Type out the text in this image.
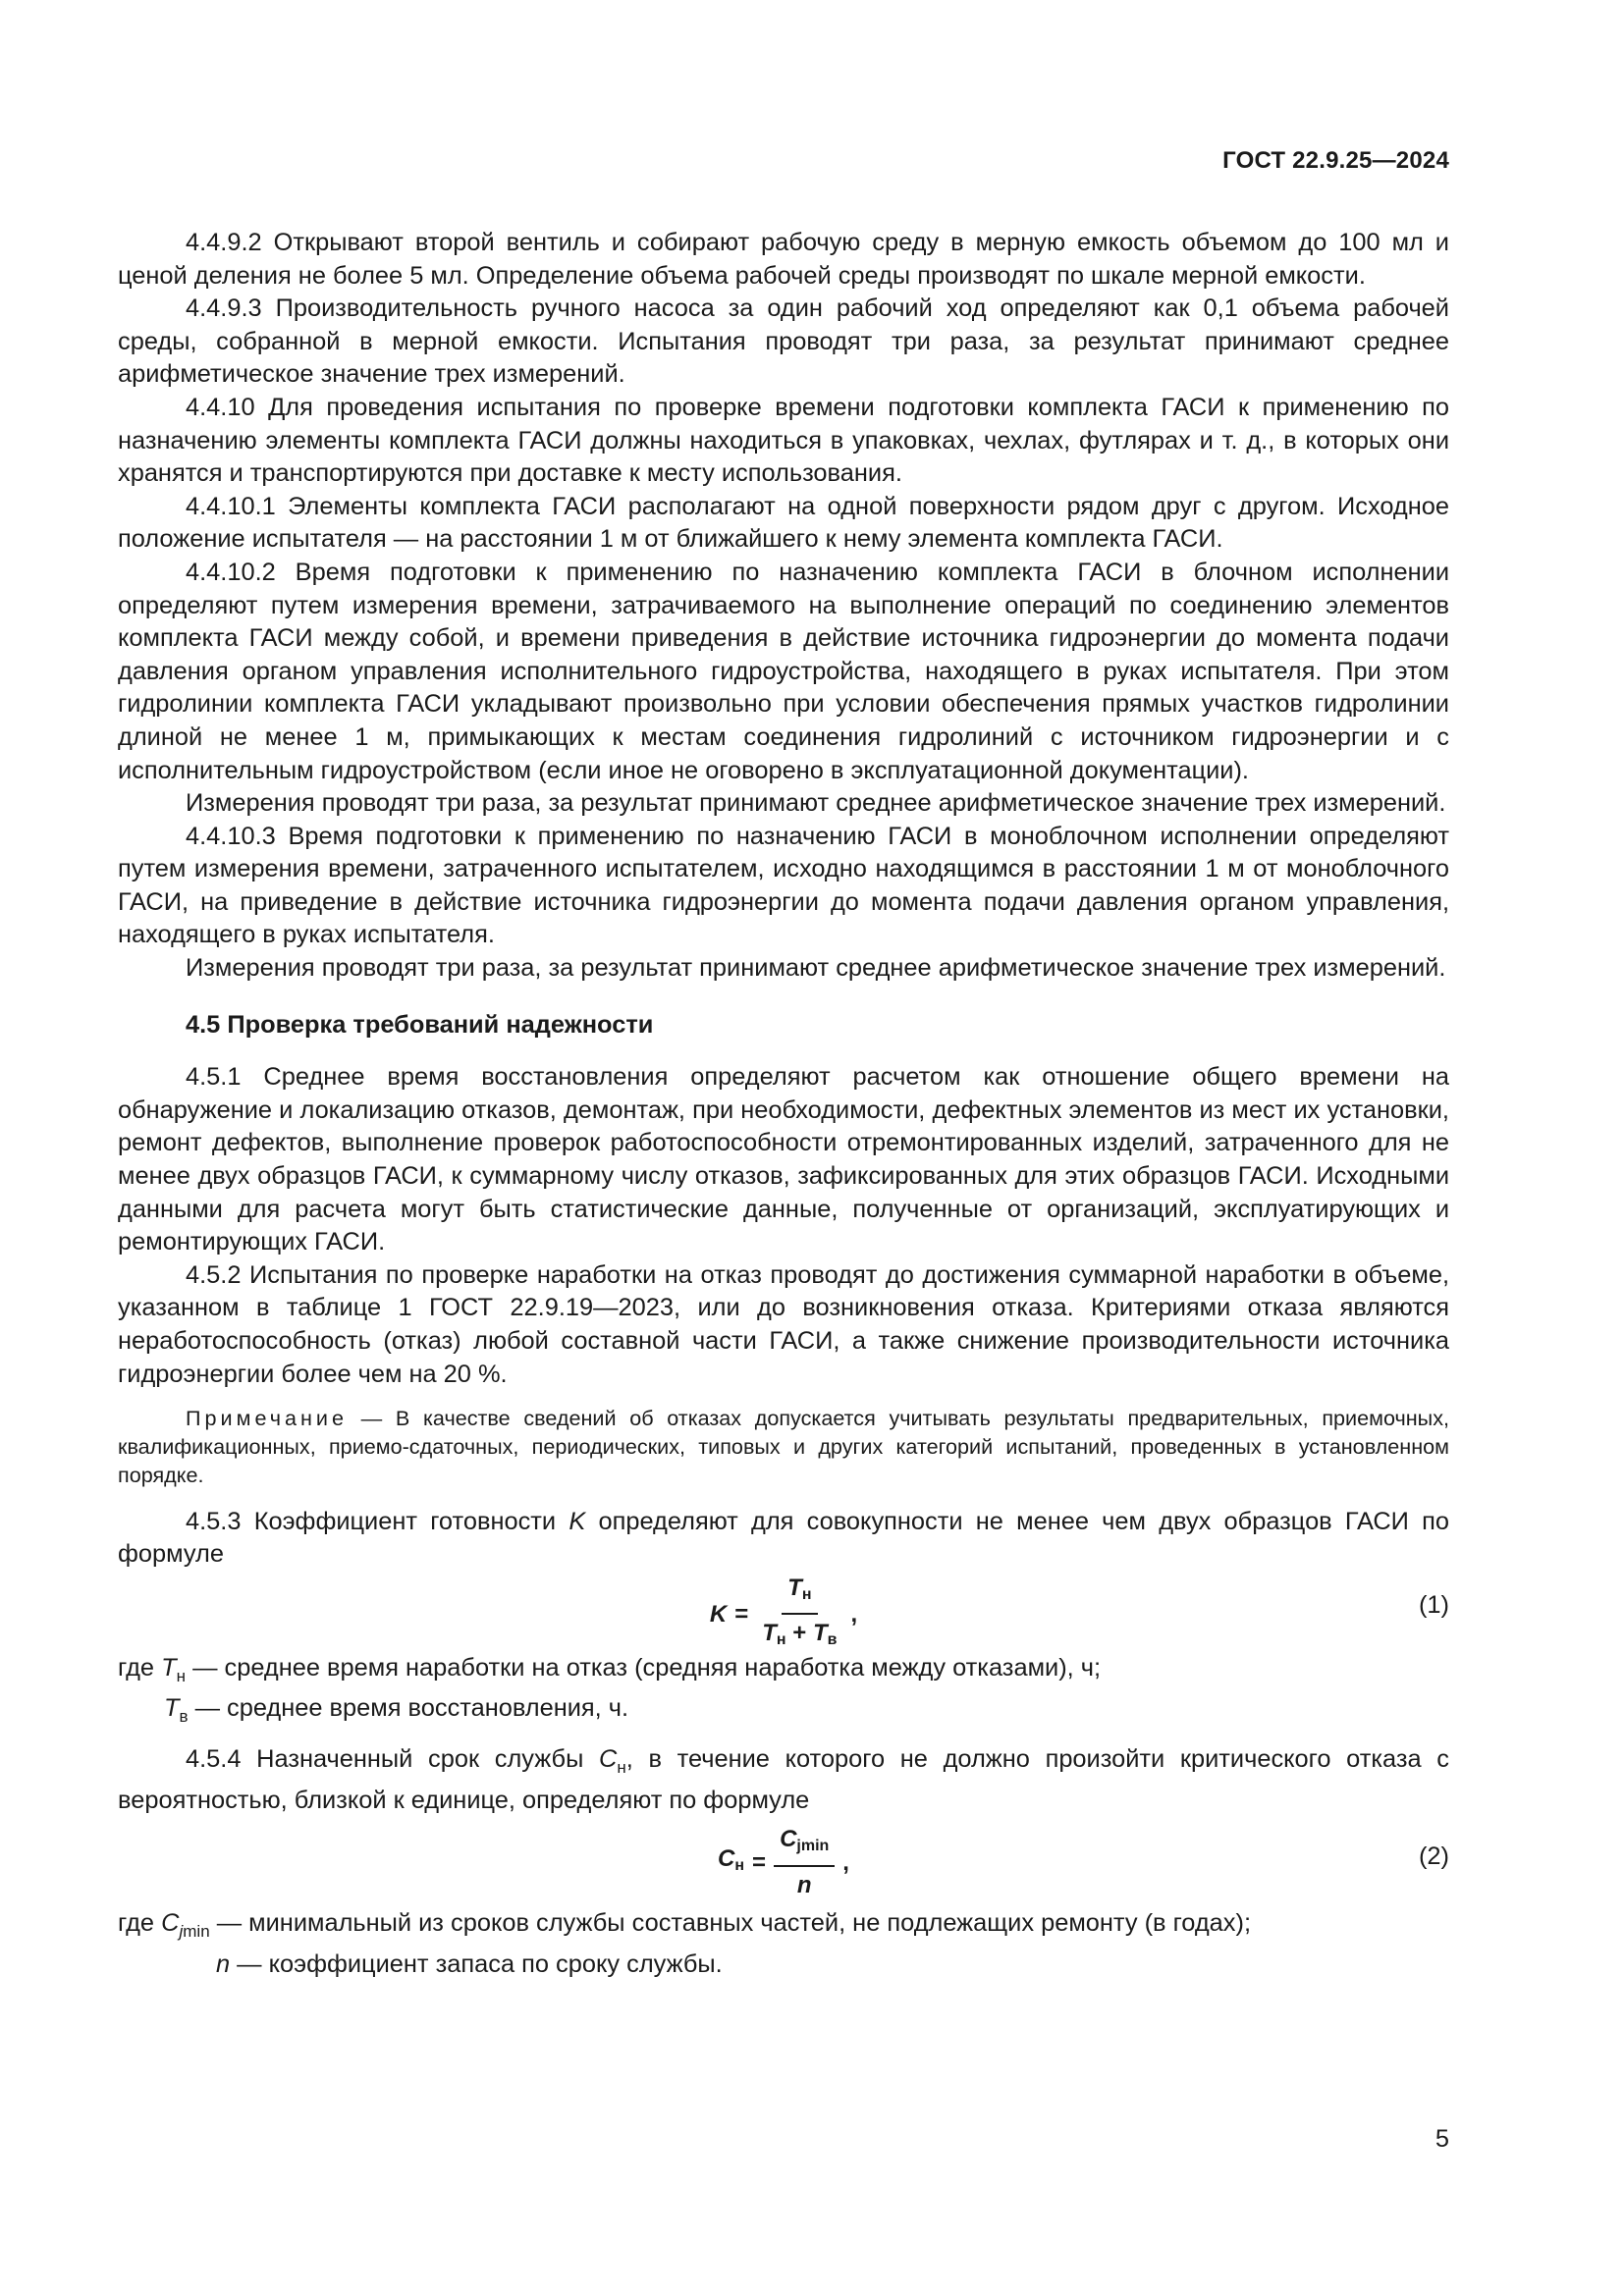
ГОСТ 22.9.25—2024

4.4.9.2 Открывают второй вентиль и собирают рабочую среду в мерную емкость объемом до 100 мл и ценой деления не более 5 мл. Определение объема рабочей среды производят по шкале мерной емкости.

4.4.9.3 Производительность ручного насоса за один рабочий ход определяют как 0,1 объема рабочей среды, собранной в мерной емкости. Испытания проводят три раза, за результат принимают среднее арифметическое значение трех измерений.

4.4.10 Для проведения испытания по проверке времени подготовки комплекта ГАСИ к применению по назначению элементы комплекта ГАСИ должны находиться в упаковках, чехлах, футлярах и т. д., в которых они хранятся и транспортируются при доставке к месту использования.

4.4.10.1 Элементы комплекта ГАСИ располагают на одной поверхности рядом друг с другом. Исходное положение испытателя — на расстоянии 1 м от ближайшего к нему элемента комплекта ГАСИ.

4.4.10.2 Время подготовки к применению по назначению комплекта ГАСИ в блочном исполнении определяют путем измерения времени, затрачиваемого на выполнение операций по соединению элементов комплекта ГАСИ между собой, и времени приведения в действие источника гидроэнергии до момента подачи давления органом управления исполнительного гидроустройства, находящего в руках испытателя. При этом гидролинии комплекта ГАСИ укладывают произвольно при условии обеспечения прямых участков гидролинии длиной не менее 1 м, примыкающих к местам соединения гидролиний с источником гидроэнергии и с исполнительным гидроустройством (если иное не оговорено в эксплуатационной документации).

Измерения проводят три раза, за результат принимают среднее арифметическое значение трех измерений.

4.4.10.3 Время подготовки к применению по назначению ГАСИ в моноблочном исполнении определяют путем измерения времени, затраченного испытателем, исходно находящимся в расстоянии 1 м от моноблочного ГАСИ, на приведение в действие источника гидроэнергии до момента подачи давления органом управления, находящего в руках испытателя.

Измерения проводят три раза, за результат принимают среднее арифметическое значение трех измерений.

4.5 Проверка требований надежности

4.5.1 Среднее время восстановления определяют расчетом как отношение общего времени на обнаружение и локализацию отказов, демонтаж, при необходимости, дефектных элементов из мест их установки, ремонт дефектов, выполнение проверок работоспособности отремонтированных изделий, затраченного для не менее двух образцов ГАСИ, к суммарному числу отказов, зафиксированных для этих образцов ГАСИ. Исходными данными для расчета могут быть статистические данные, полученные от организаций, эксплуатирующих и ремонтирующих ГАСИ.

4.5.2 Испытания по проверке наработки на отказ проводят до достижения суммарной наработки в объеме, указанном в таблице 1 ГОСТ 22.9.19—2023, или до возникновения отказа. Критериями отказа являются неработоспособность (отказ) любой составной части ГАСИ, а также снижение производительности источника гидроэнергии более чем на 20 %.

Примечание — В качестве сведений об отказах допускается учитывать результаты предварительных, приемочных, квалификационных, приемо-сдаточных, периодических, типовых и других категорий испытаний, проведенных в установленном порядке.

4.5.3 Коэффициент готовности K определяют для совокупности не менее чем двух образцов ГАСИ по формуле

$K = \frac{T_н}{T_н + T_в}$ ,	(1)

где $T_н$ — среднее время наработки на отказ (средняя наработка между отказами), ч;

$T_в$ — среднее время восстановления, ч.

4.5.4 Назначенный срок службы $C_н$, в течение которого не должно произойти критического отказа с вероятностью, близкой к единице, определяют по формуле

$C_н = \frac{C_{jmin}}{n}$ ,	(2)

где $C_{jmin}$ — минимальный из сроков службы составных частей, не подлежащих ремонту (в годах);

n — коэффициент запаса по сроку службы.

5
